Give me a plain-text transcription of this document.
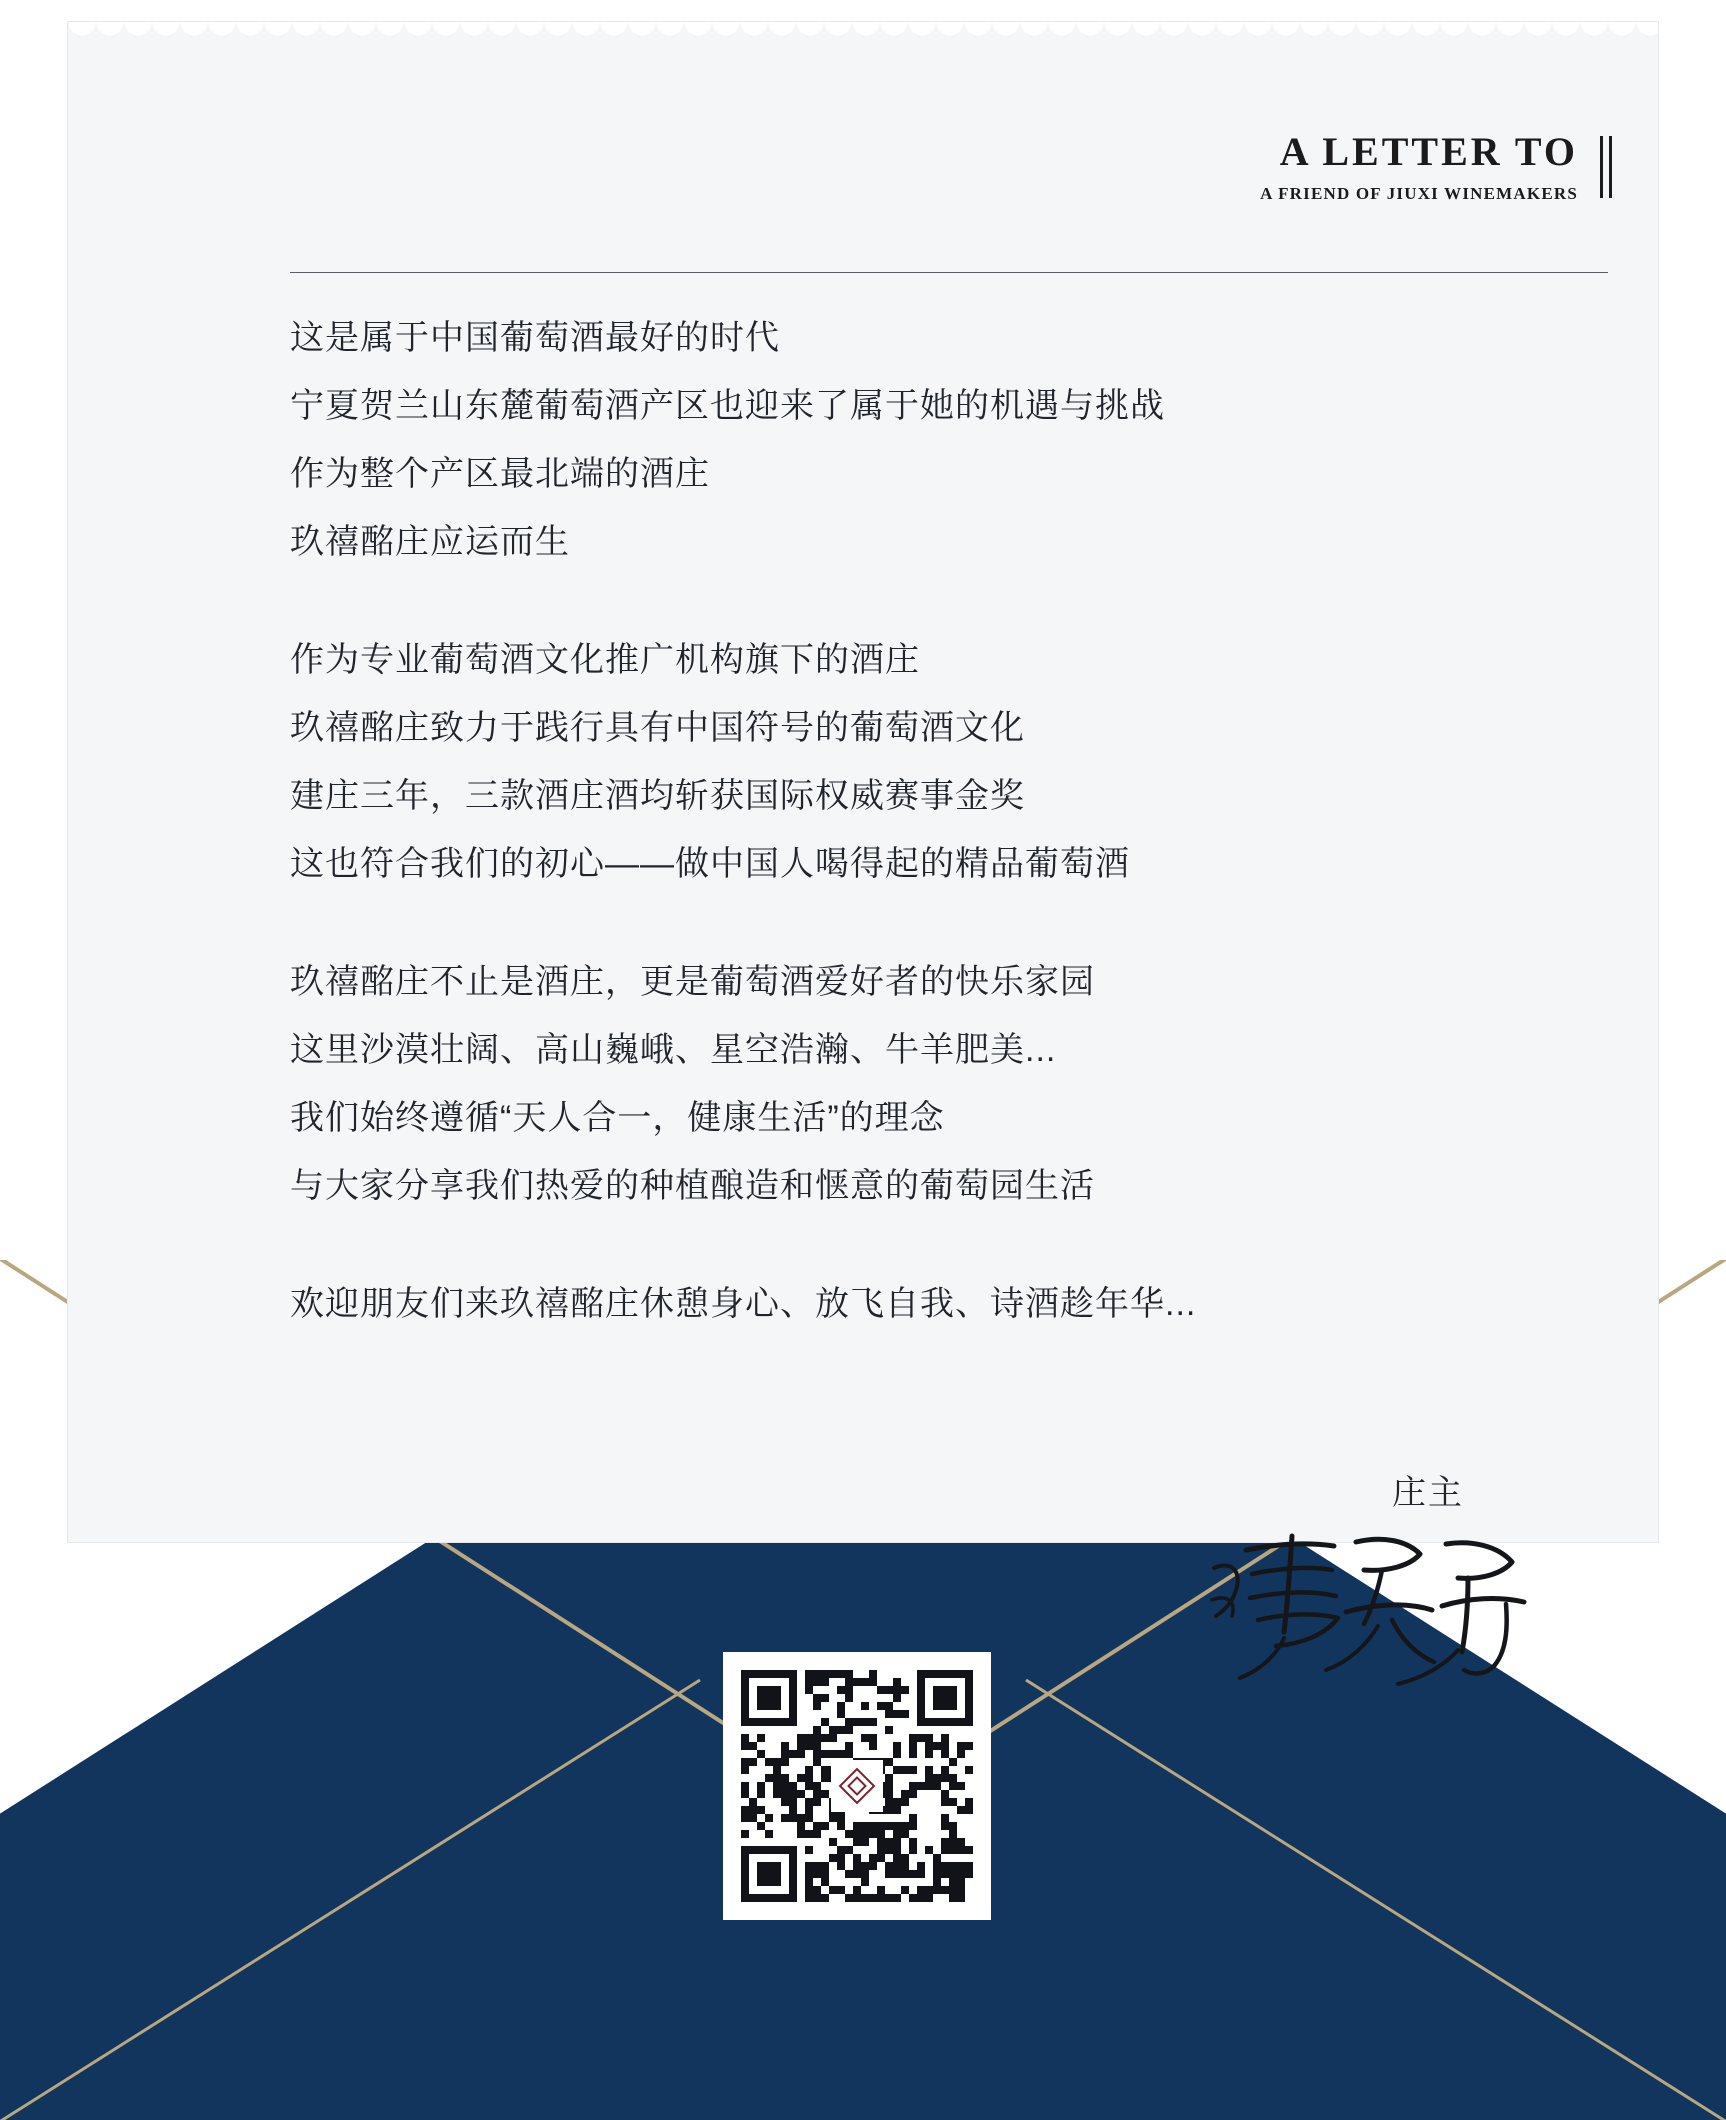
A LETTER TO
A FRIEND OF JIUXI WINEMAKERS

这是属于中国葡萄酒最好的时代
宁夏贺兰山东麓葡萄酒产区也迎来了属于她的机遇与挑战
作为整个产区最北端的酒庄
玖禧酩庄应运而生

作为专业葡萄酒文化推广机构旗下的酒庄
玖禧酩庄致力于践行具有中国符号的葡萄酒文化
建庄三年，三款酒庄酒均斩获国际权威赛事金奖
这也符合我们的初心——做中国人喝得起的精品葡萄酒

玖禧酩庄不止是酒庄，更是葡萄酒爱好者的快乐家园
这里沙漠壮阔、高山巍峨、星空浩瀚、牛羊肥美...
我们始终遵循“天人合一，健康生活”的理念
与大家分享我们热爱的种植酿造和惬意的葡萄园生活

欢迎朋友们来玖禧酩庄休憩身心、放飞自我、诗酒趁年华...

庄主
